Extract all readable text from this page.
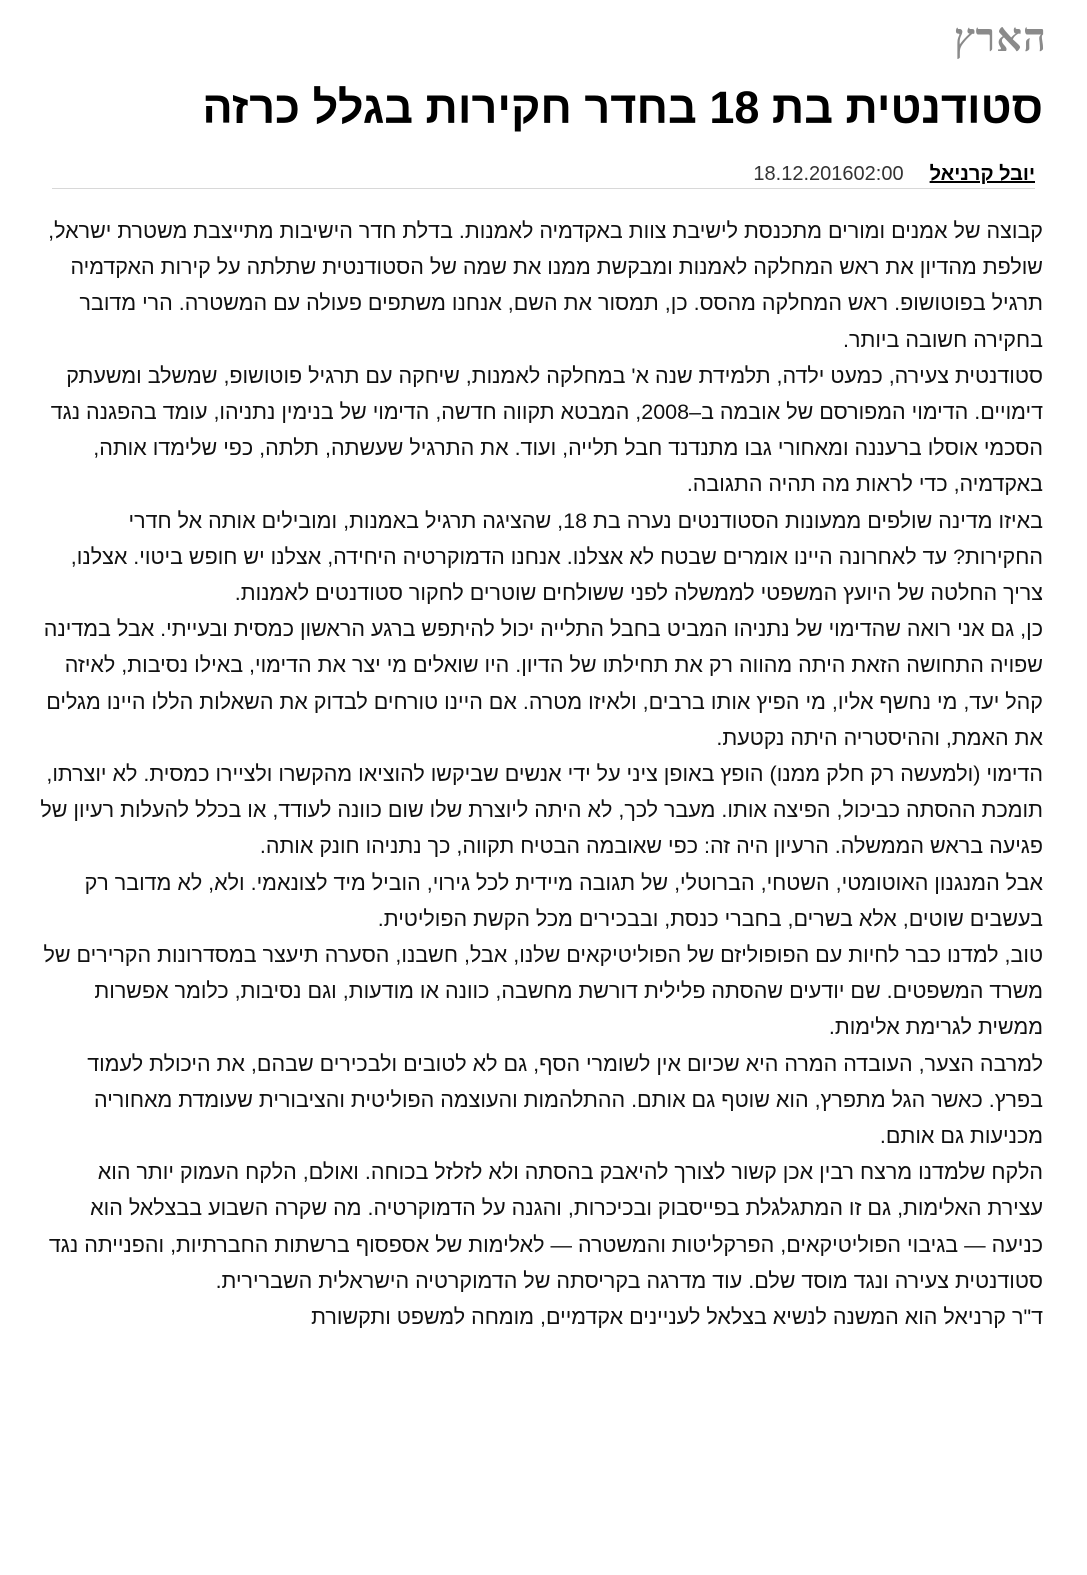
הארץ
סטודנטית בת 18 בחדר חקירות בגלל כרזה
יובל קרניאל18.12.201602:00

קבוצה של אמנים ומורים מתכנסת לישיבת צוות באקדמיה לאמנות. בדלת חדר הישיבות מתייצבת משטרת ישראל, שולפת מהדיון את ראש המחלקה לאמנות ומבקשת ממנו את שמה של הסטודנטית שתלתה על קירות האקדמיה תרגיל בפוטושופ. ראש המחלקה מהסס. כן, תמסור את השם, אנחנו משתפים פעולה עם המשטרה. הרי מדובר בחקירה חשובה ביותר.

סטודנטית צעירה, כמעט ילדה, תלמידת שנה א' במחלקה לאמנות, שיחקה עם תרגיל פוטושופ, שמשלב ומשעתק דימויים. הדימוי המפורסם של אובמה ב–2008, המבטא תקווה חדשה, הדימוי של בנימין נתניהו, עומד בהפגנה נגד הסכמי אוסלו ברעננה ומאחורי גבו מתנדנד חבל תלייה, ועוד. את התרגיל שעשתה, תלתה, כפי שלימדו אותה, באקדמיה, כדי לראות מה תהיה התגובה.

באיזו מדינה שולפים ממעונות הסטודנטים נערה בת 18, שהציגה תרגיל באמנות, ומובילים אותה אל חדרי החקירות? עד לאחרונה היינו אומרים שבטח לא אצלנו. אנחנו הדמוקרטיה היחידה, אצלנו יש חופש ביטוי. אצלנו, צריך החלטה של היועץ המשפטי לממשלה לפני ששולחים שוטרים לחקור סטודנטים לאמנות.

כן, גם אני רואה שהדימוי של נתניהו המביט בחבל התלייה יכול להיתפש ברגע הראשון כמסית ובעייתי. אבל במדינה שפויה התחושה הזאת היתה מהווה רק את תחילתו של הדיון. היו שואלים מי יצר את הדימוי, באילו נסיבות, לאיזה קהל יעד, מי נחשף אליו, מי הפיץ אותו ברבים, ולאיזו מטרה. אם היינו טורחים לבדוק את השאלות הללו היינו מגלים את האמת, וההיסטריה היתה נקטעת.

הדימוי (ולמעשה רק חלק ממנו) הופץ באופן ציני על ידי אנשים שביקשו להוציאו מהקשרו ולציירו כמסית. לא יוצרתו, תומכת ההסתה כביכול, הפיצה אותו. מעבר לכך, לא היתה ליוצרת שלו שום כוונה לעודד, או בכלל להעלות רעיון של פגיעה בראש הממשלה. הרעיון היה זה: כפי שאובמה הבטיח תקווה, כך נתניהו חונק אותה.

אבל המנגנון האוטומטי, השטחי, הברוטלי, של תגובה מיידית לכל גירוי, הוביל מיד לצונאמי. ולא, לא מדובר רק בעשבים שוטים, אלא בשרים, בחברי כנסת, ובבכירים מכל הקשת הפוליטית.

טוב, למדנו כבר לחיות עם הפופוליזם של הפוליטיקאים שלנו, אבל, חשבנו, הסערה תיעצר במסדרונות הקרירים של משרד המשפטים. שם יודעים שהסתה פלילית דורשת מחשבה, כוונה או מודעות, וגם נסיבות, כלומר אפשרות ממשית לגרימת אלימות.

למרבה הצער, העובדה המרה היא שכיום אין לשומרי הסף, גם לא לטובים ולבכירים שבהם, את היכולת לעמוד בפרץ. כאשר הגל מתפרץ, הוא שוטף גם אותם. ההתלהמות והעוצמה הפוליטית והציבורית שעומדת מאחוריה מכניעות גם אותם.

הלקח שלמדנו מרצח רבין אכן קשור לצורך להיאבק בהסתה ולא לזלזל בכוחה. ואולם, הלקח העמוק יותר הוא עצירת האלימות, גם זו המתגלגלת בפייסבוק ובכיכרות, והגנה על הדמוקרטיה. מה שקרה השבוע בבצלאל הוא כניעה — בגיבוי הפוליטיקאים, הפרקליטות והמשטרה — לאלימות של אספסוף ברשתות החברתיות, והפנייתה נגד סטודנטית צעירה ונגד מוסד שלם. עוד מדרגה בקריסתה של הדמוקרטיה הישראלית השברירית.

ד"ר קרניאל הוא המשנה לנשיא בצלאל לעניינים אקדמיים, מומחה למשפט ותקשורת
